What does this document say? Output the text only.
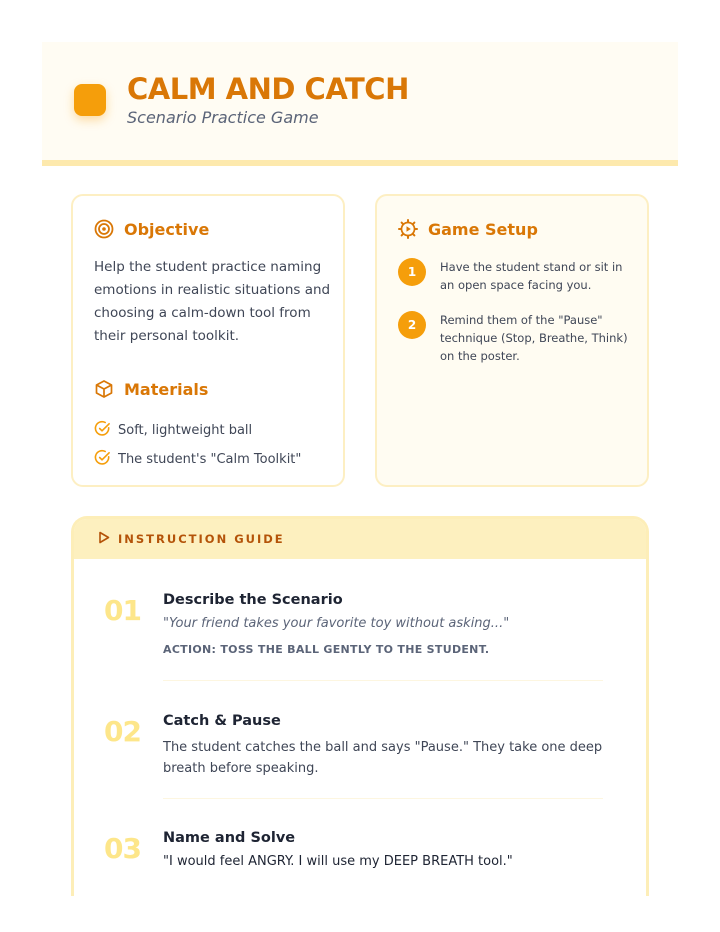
CALM AND CATCH
Scenario Practice Game
Objective

Help the student practice naming emotions in realistic situations and choosing a calm-down tool from their personal toolkit.

Materials
Soft, lightweight ball
The student's "Calm Toolkit"
Game Setup
1	Have the student stand or sit in an open space facing you.
2	Remind them of the "Pause" technique (Stop, Breathe, Think) on the poster.
INSTRUCTION GUIDE
01 Describe the Scenario
"Your friend takes your favorite toy without asking..."
ACTION: TOSS THE BALL GENTLY TO THE STUDENT.
02 Catch & Pause
The student catches the ball and says "Pause." They take one deep breath before speaking.
03 Name and Solve
"I would feel ANGRY. I will use my DEEP BREATH tool."
